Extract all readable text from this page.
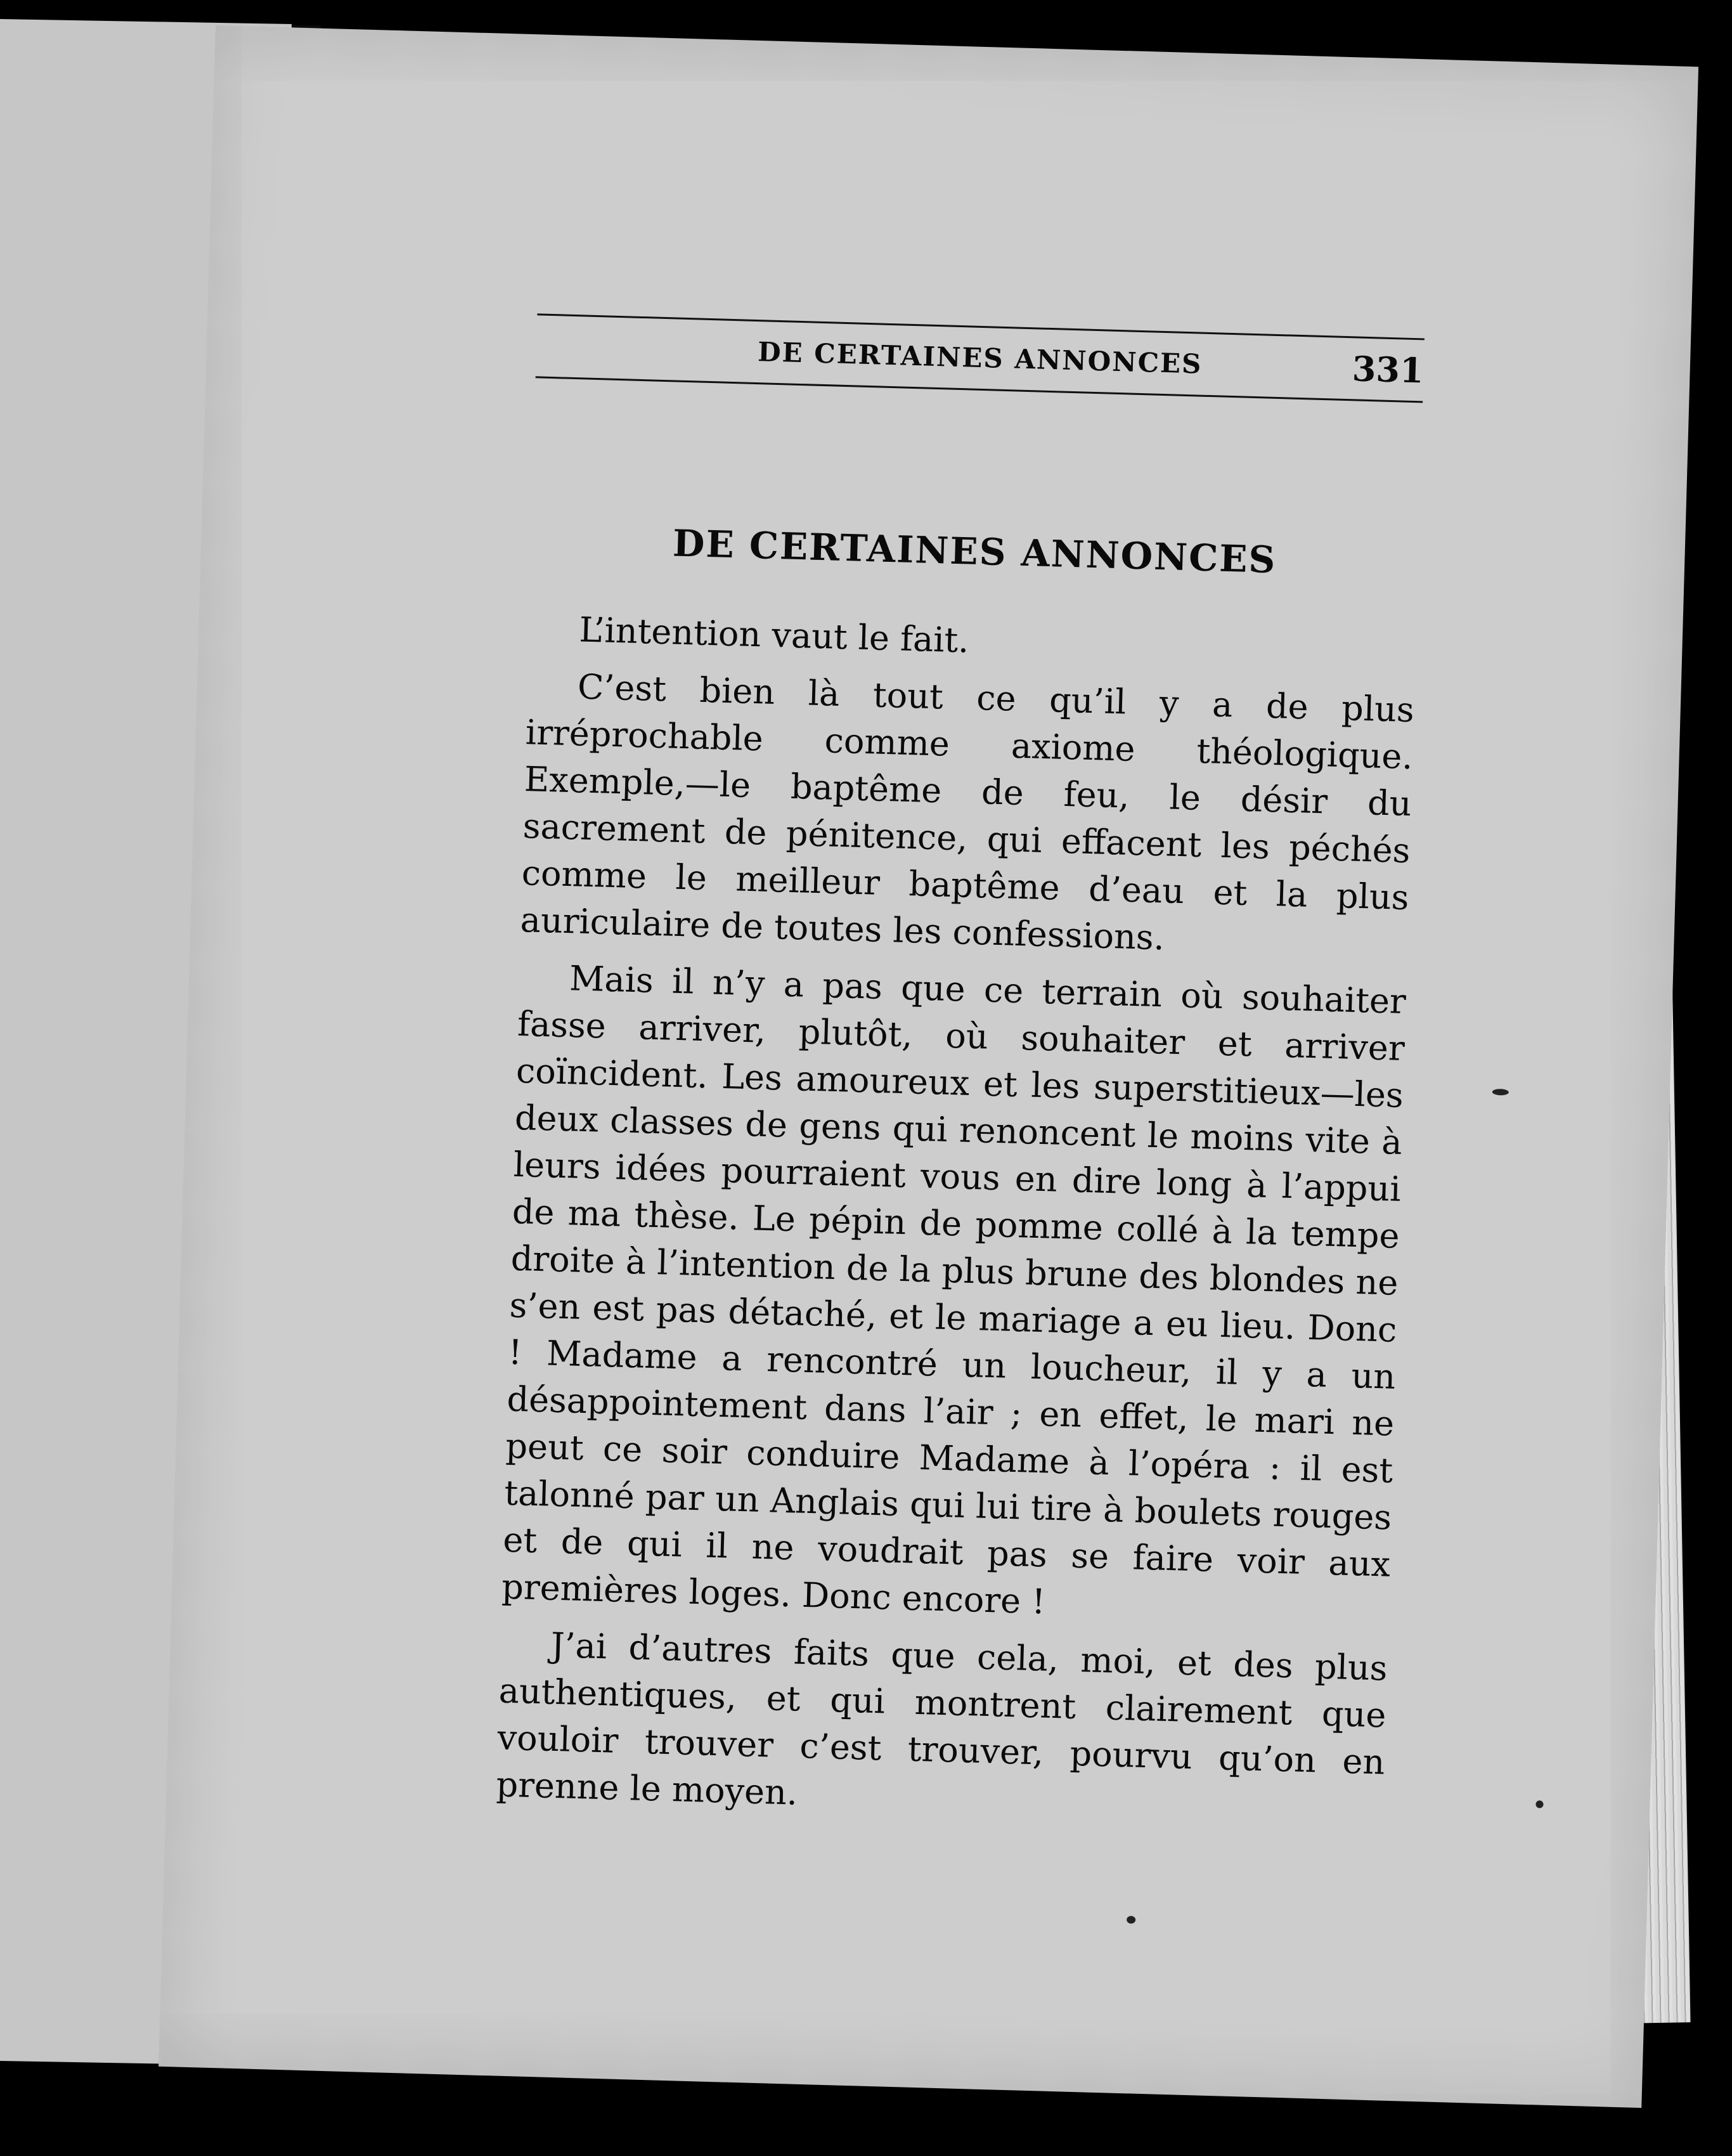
DE CERTAINES ANNONCES	331
DE CERTAINES ANNONCES

L’intention vaut le fait.

C’est bien là tout ce qu’il y a de plus irréprochable comme axiome théologique. Exemple,—le baptême de feu, le désir du sacrement de pénitence, qui effacent les péchés comme le meilleur baptême d’eau et la plus auriculaire de toutes les confessions.

Mais il n’y a pas que ce terrain où souhaiter fasse arriver, plutôt, où souhaiter et arriver coïncident. Les amoureux et les superstitieux—les deux classes de gens qui renoncent le moins vite à leurs idées pourraient vous en dire long à l’appui de ma thèse. Le pépin de pomme collé à la tempe droite à l’intention de la plus brune des blondes ne s’en est pas détaché, et le mariage a eu lieu. Donc ! Madame a rencontré un loucheur, il y a un désappointement dans l’air ; en effet, le mari ne peut ce soir conduire Madame à l’opéra : il est talonné par un Anglais qui lui tire à boulets rouges et de qui il ne voudrait pas se faire voir aux premières loges. Donc encore !

J’ai d’autres faits que cela, moi, et des plus authentiques, et qui montrent clairement que vouloir trouver c’est trouver, pourvu qu’on en prenne le moyen.
